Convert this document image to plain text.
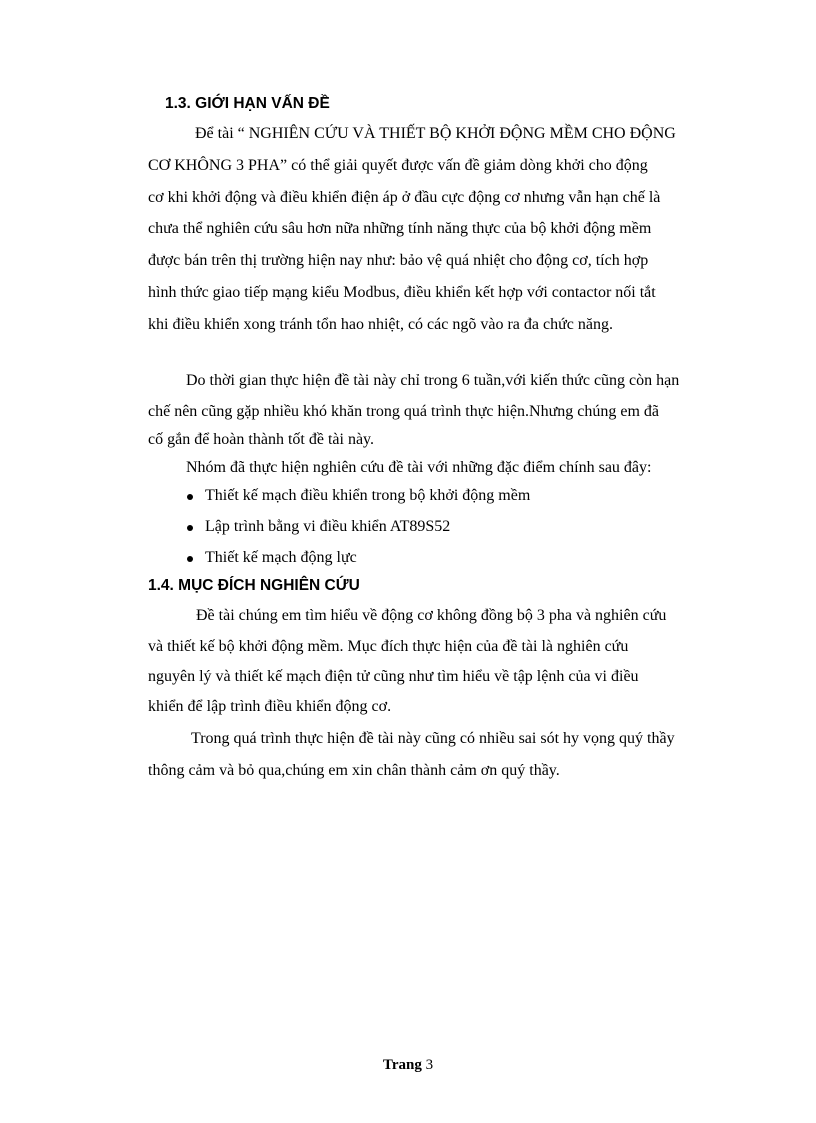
1.3. GIỚI HẠN VẤN ĐỀ

Để tài “ NGHIÊN CỨU VÀ THIẾT BỘ KHỞI ĐỘNG MỀM CHO ĐỘNG

CƠ KHÔNG 3 PHA” có thể giải quyết được vấn đề giảm dòng khởi cho động

cơ khi khởi động và điều khiển điện áp ở đầu cực động cơ nhưng vẫn hạn chế là

chưa thể nghiên cứu sâu hơn nữa những tính năng thực của bộ khởi động mềm

được bán trên thị trường hiện nay như: bảo vệ quá nhiệt cho động cơ, tích hợp

hình thức giao tiếp mạng kiểu Modbus, điều khiển kết hợp với contactor nối tắt

khi điều khiển xong tránh tổn hao nhiệt, có các ngõ vào ra đa chức năng.

Do thời gian thực hiện đề tài này chỉ trong 6 tuần,với kiến thức cũng còn hạn

chế nên cũng gặp nhiều khó khăn trong quá trình thực hiện.Nhưng chúng em đã

cố gắn để hoàn thành tốt đề tài này.

Nhóm đã thực hiện nghiên cứu đề tài với những đặc điểm chính sau đây:

Thiết kế mạch điều khiển trong bộ khởi động mềm
Lập trình bằng vi điều khiển AT89S52
Thiết kế mạch động lực
1.4. MỤC ĐÍCH NGHIÊN CỨU

Đề tài chúng em tìm hiểu về động cơ không đồng bộ 3 pha và nghiên cứu

và thiết kế bộ khởi động mềm. Mục đích thực hiện của đề tài là nghiên cứu

nguyên lý và thiết kế mạch điện tử cũng như tìm hiểu về tập lệnh của vi điều

khiển để lập trình điều khiển động cơ.

Trong quá trình thực hiện đề tài này cũng có nhiều sai sót hy vọng quý thầy

thông cảm và bỏ qua,chúng em xin chân thành cảm ơn quý thầy.

Trang 3
